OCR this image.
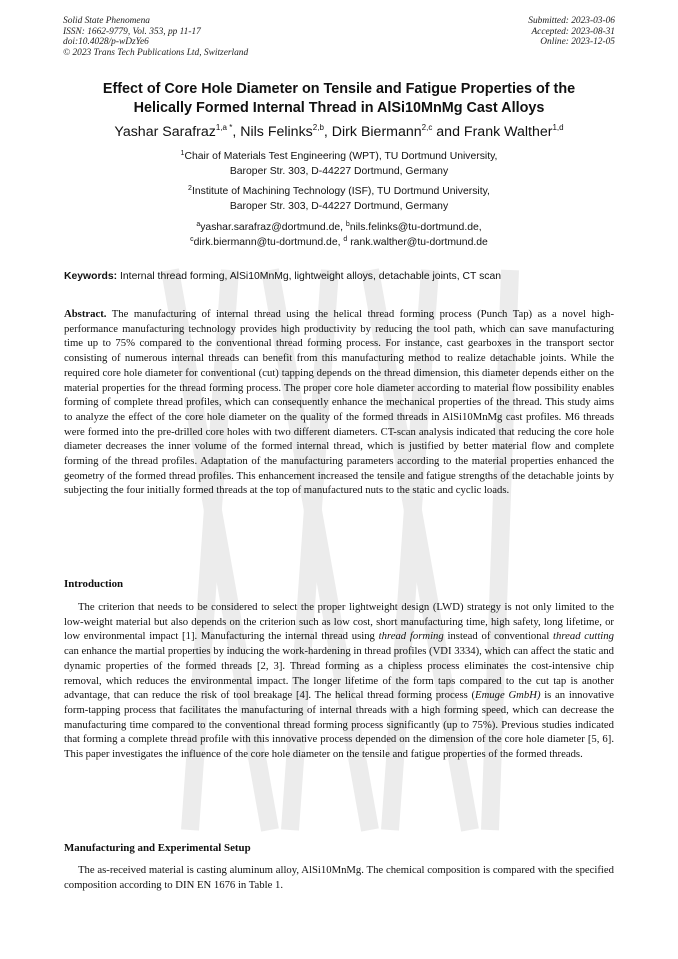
Solid State Phenomena
ISSN: 1662-9779, Vol. 353, pp 11-17
doi:10.4028/p-wDzYe6
© 2023 Trans Tech Publications Ltd, Switzerland
Submitted: 2023-03-06
Accepted: 2023-08-31
Online: 2023-12-05
Effect of Core Hole Diameter on Tensile and Fatigue Properties of the
Helically Formed Internal Thread in AlSi10MnMg Cast Alloys
Yashar Sarafraz$^{1,a *}$, Nils Felinks$^{2,b}$, Dirk Biermann$^{2,c}$ and Frank Walther$^{1,d}$
$^1$Chair of Materials Test Engineering (WPT), TU Dortmund University,
Baroper Str. 303, D-44227 Dortmund, Germany
$^2$Institute of Machining Technology (ISF), TU Dortmund University,
Baroper Str. 303, D-44227 Dortmund, Germany
$^a$yashar.sarafraz@dortmund.de, $^b$nils.felinks@tu-dortmund.de,
$^c$dirk.biermann@tu-dortmund.de, $^d$ rank.walther@tu-dortmund.de
Keywords: Internal thread forming, AlSi10MnMg, lightweight alloys, detachable joints, CT scan
Abstract. The manufacturing of internal thread using the helical thread forming process (Punch Tap) as a novel high-performance manufacturing technology provides high productivity by reducing the tool path, which can save manufacturing time up to 75% compared to the conventional thread forming process. For instance, cast gearboxes in the transport sector consisting of numerous internal threads can benefit from this manufacturing method to realize detachable joints. While the required core hole diameter for conventional (cut) tapping depends on the thread dimension, this diameter depends either on the material properties for the thread forming process. The proper core hole diameter according to material flow possibility enables forming of complete thread profiles, which can consequently enhance the mechanical properties of the thread. This study aims to analyze the effect of the core hole diameter on the quality of the formed threads in AlSi10MnMg cast profiles. M6 threads were formed into the pre-drilled core holes with two different diameters. CT-scan analysis indicated that reducing the core hole diameter decreases the inner volume of the formed internal thread, which is justified by better material flow and complete forming of the thread profiles. Adaptation of the manufacturing parameters according to the material properties enhanced the geometry of the formed thread profiles. This enhancement increased the tensile and fatigue strengths of the detachable joints by subjecting the four initially formed threads at the top of manufactured nuts to the static and cyclic loads.
Introduction
The criterion that needs to be considered to select the proper lightweight design (LWD) strategy is not only limited to the low-weight material but also depends on the criterion such as low cost, short manufacturing time, high safety, long lifetime, or low environmental impact [1]. Manufacturing the internal thread using thread forming instead of conventional thread cutting can enhance the martial properties by inducing the work-hardening in thread profiles (VDI 3334), which can affect the static and dynamic properties of the formed threads [2, 3]. Thread forming as a chipless process eliminates the cost-intensive chip removal, which reduces the environmental impact. The longer lifetime of the form taps compared to the cut tap is another advantage, that can reduce the risk of tool breakage [4]. The helical thread forming process (Emuge GmbH) is an innovative form-tapping process that facilitates the manufacturing of internal threads with a high forming speed, which can decrease the manufacturing time compared to the conventional thread forming process significantly (up to 75%). Previous studies indicated that forming a complete thread profile with this innovative process depended on the dimension of the core hole diameter [5, 6]. This paper investigates the influence of the core hole diameter on the tensile and fatigue properties of the formed threads.
Manufacturing and Experimental Setup
The as-received material is casting aluminum alloy, AlSi10MnMg. The chemical composition is compared with the specified composition according to DIN EN 1676 in Table 1.
